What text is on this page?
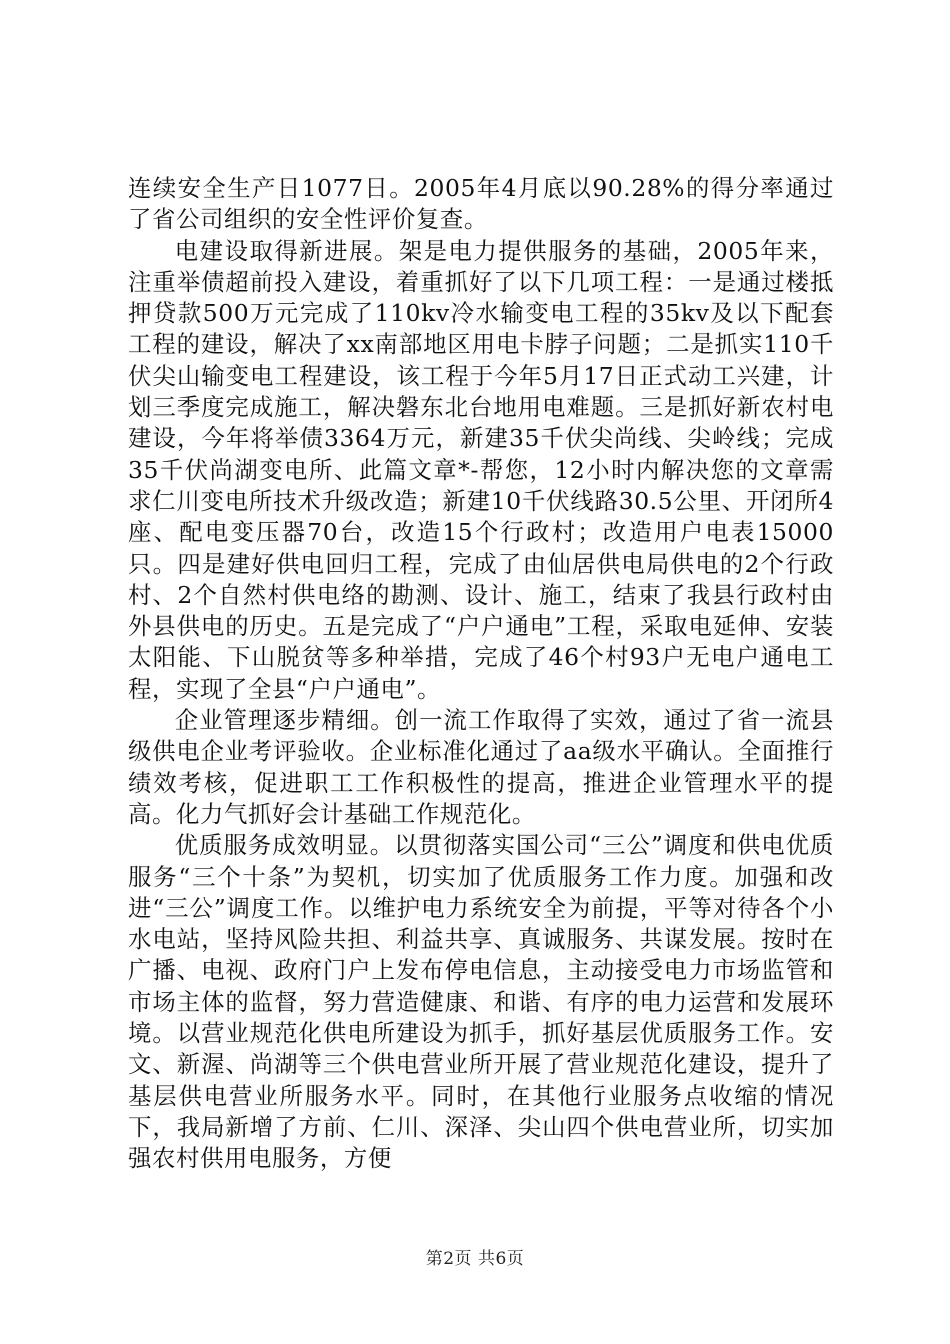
连续安全生产日1077日。2005年4月底以90.28%的得分率通过了省公司组织的安全性评价复查。

电建设取得新进展。架是电力提供服务的基础，2005年来，注重举债超前投入建设，着重抓好了以下几项工程：一是通过楼抵押贷款500万元完成了110kv冷水输变电工程的35kv及以下配套工程的建设，解决了xx南部地区用电卡脖子问题；二是抓实110千伏尖山输变电工程建设，该工程于今年5月17日正式动工兴建，计划三季度完成施工，解决磐东北台地用电难题。三是抓好新农村电建设，今年将举债3364万元，新建35千伏尖尚线、尖岭线；完成35千伏尚湖变电所、此篇文章*-帮您，12小时内解决您的文章需求仁川变电所技术升级改造；新建10千伏线路30.5公里、开闭所4座、配电变压器70台，改造15个行政村；改造用户电表15000只。四是建好供电回归工程，完成了由仙居供电局供电的2个行政村、2个自然村供电络的勘测、设计、施工，结束了我县行政村由外县供电的历史。五是完成了“户户通电”工程，采取电延伸、安装太阳能、下山脱贫等多种举措，完成了46个村93户无电户通电工程，实现了全县“户户通电”。

企业管理逐步精细。创一流工作取得了实效，通过了省一流县级供电企业考评验收。企业标准化通过了aa级水平确认。全面推行绩效考核，促进职工工作积极性的提高，推进企业管理水平的提高。化力气抓好会计基础工作规范化。

优质服务成效明显。以贯彻落实国公司“三公”调度和供电优质服务“三个十条”为契机，切实加了优质服务工作力度。加强和改进“三公”调度工作。以维护电力系统安全为前提，平等对待各个小水电站，坚持风险共担、利益共享、真诚服务、共谋发展。按时在广播、电视、政府门户上发布停电信息，主动接受电力市场监管和市场主体的监督，努力营造健康、和谐、有序的电力运营和发展环境。以营业规范化供电所建设为抓手，抓好基层优质服务工作。安文、新渥、尚湖等三个供电营业所开展了营业规范化建设，提升了基层供电营业所服务水平。同时，在其他行业服务点收缩的情况下，我局新增了方前、仁川、深泽、尖山四个供电营业所，切实加强农村供用电服务，方便

第2页 共6页
